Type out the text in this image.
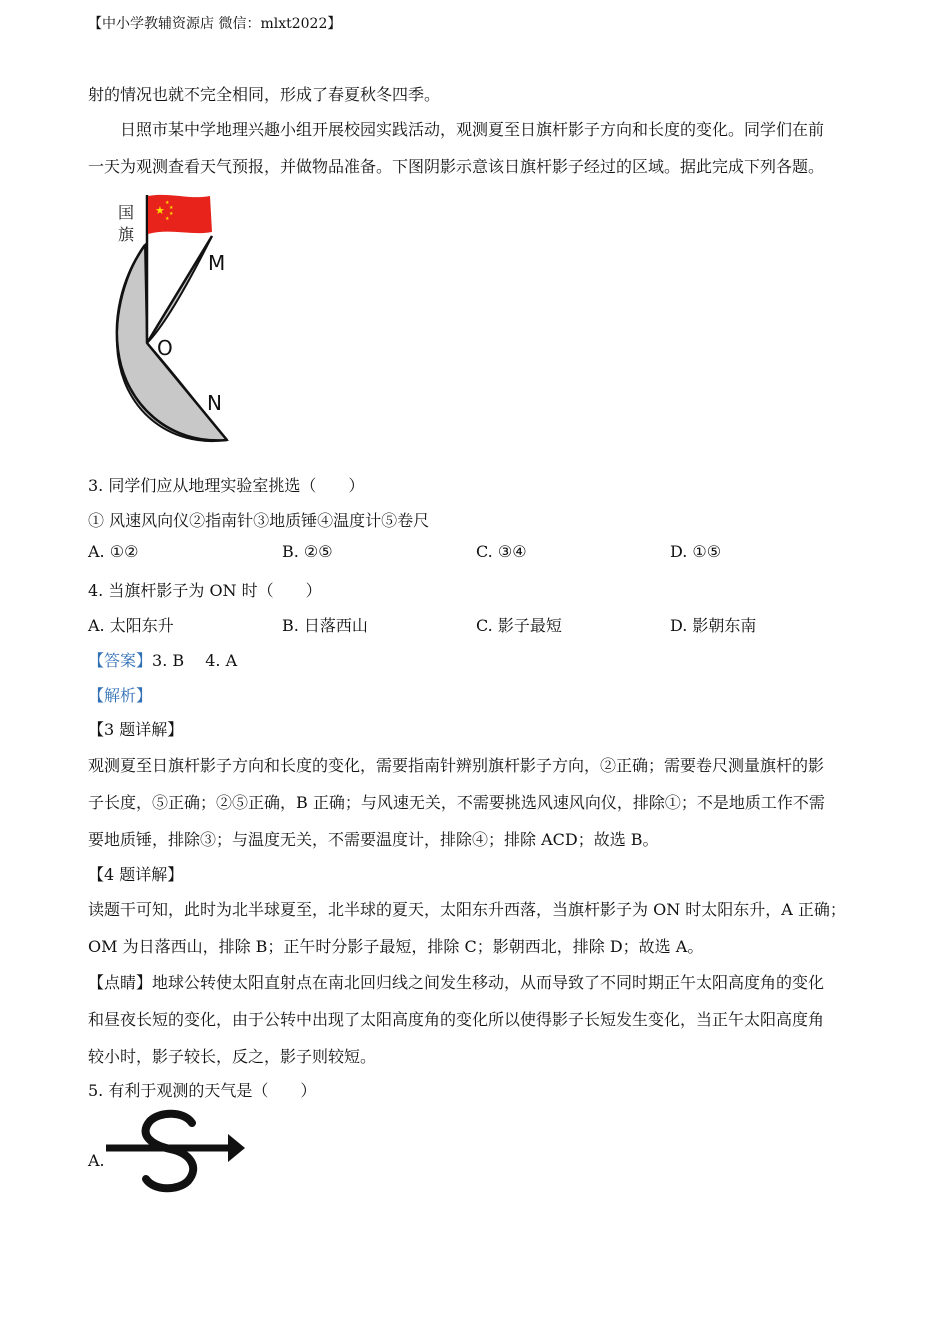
【中小学教辅资源店 微信：mlxt2022】
射的情况也就不完全相同，形成了春夏秋冬四季。
日照市某中学地理兴趣小组开展校园实践活动，观测夏至日旗杆影子方向和长度的变化。同学们在前
一天为观测查看天气预报，并做物品准备。下图阴影示意该日旗杆影子经过的区域。据此完成下列各题。
★
★
★
★
★
国
旗
M
O
N
3. 同学们应从地理实验室挑选（　　）
① 风速风向仪②指南针③地质锤④温度计⑤卷尺
A. ①②	B. ②⑤	C. ③④	D. ①⑤
4. 当旗杆影子为 ON 时（　　）
A. 太阳东升	B. 日落西山	C. 影子最短	D. 影朝东南
【答案】3. B　 4. A
【解析】
【3 题详解】
观测夏至日旗杆影子方向和长度的变化，需要指南针辨别旗杆影子方向，②正确；需要卷尺测量旗杆的影
子长度，⑤正确；②⑤正确，B 正确；与风速无关，不需要挑选风速风向仪，排除①；不是地质工作不需
要地质锤，排除③；与温度无关，不需要温度计，排除④；排除 ACD；故选 B。
【4 题详解】
读题干可知，此时为北半球夏至，北半球的夏天，太阳东升西落，当旗杆影子为 ON 时太阳东升，A 正确；
OM 为日落西山，排除 B；正午时分影子最短，排除 C；影朝西北，排除 D；故选 A。
【点睛】地球公转使太阳直射点在南北回归线之间发生移动，从而导致了不同时期正午太阳高度角的变化
和昼夜长短的变化，由于公转中出现了太阳高度角的变化所以使得影子长短发生变化，当正午太阳高度角
较小时，影子较长，反之，影子则较短。
5. 有利于观测的天气是（　　）
A.
